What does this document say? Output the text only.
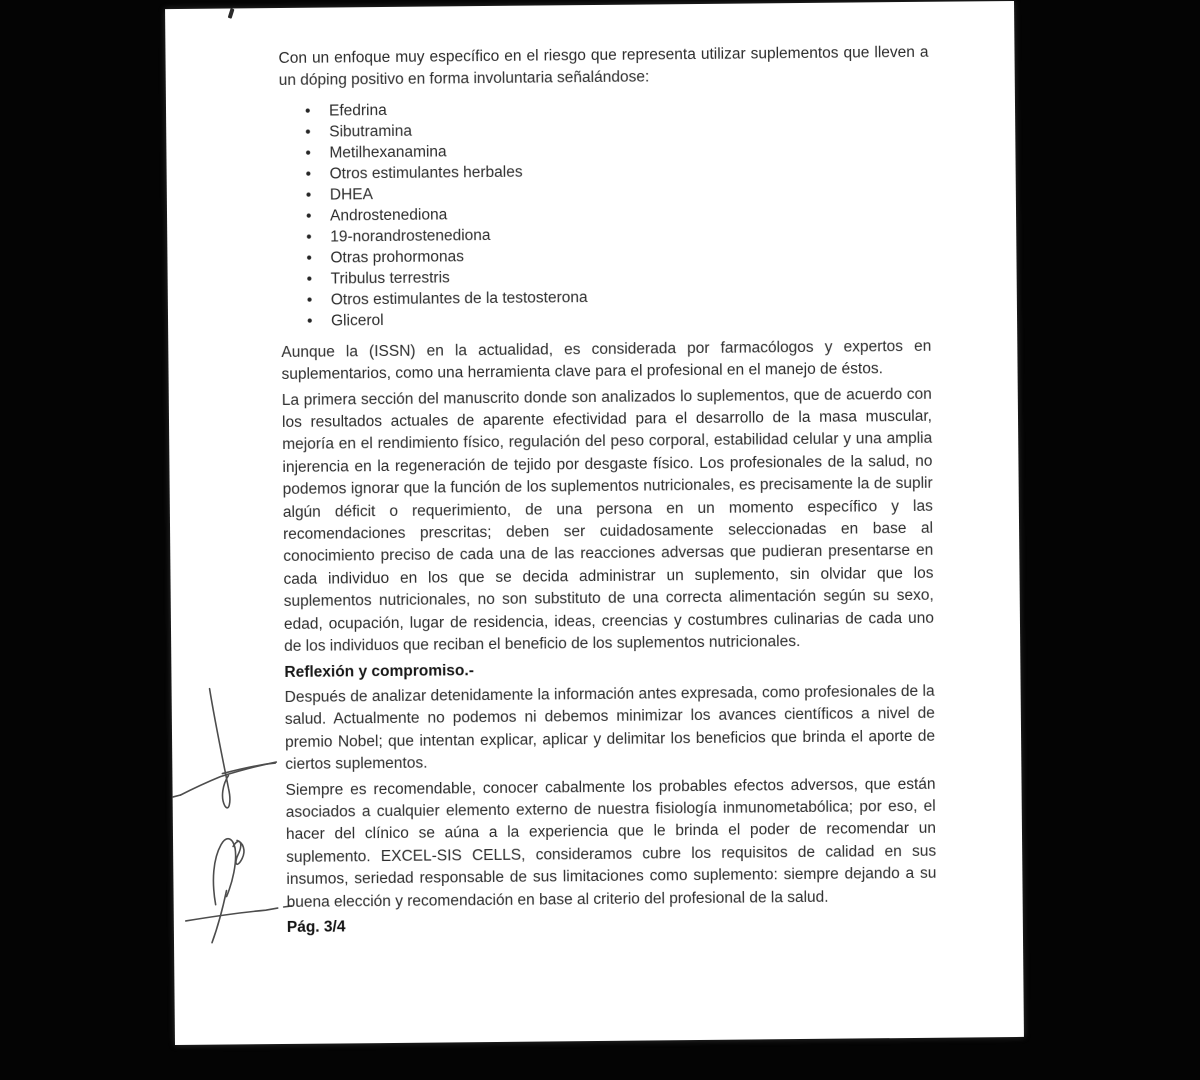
Con un enfoque muy específico en el riesgo que representa utilizar suplementos que lleven a un dóping positivo en forma involuntaria señalándose:

• Efedrina
• Sibutramina
• Metilhexanamina
• Otros estimulantes herbales
• DHEA
• Androstenediona
• 19-norandrostenediona
• Otras prohormonas
• Tribulus terrestris
• Otros estimulantes de la testosterona
• Glicerol

Aunque la (ISSN) en la actualidad, es considerada por farmacólogos y expertos en suplementarios, como una herramienta clave para el profesional en el manejo de éstos.

La primera sección del manuscrito donde son analizados lo suplementos, que de acuerdo con los resultados actuales de aparente efectividad para el desarrollo de la masa muscular, mejoría en el rendimiento físico, regulación del peso corporal, estabilidad celular y una amplia injerencia en la regeneración de tejido por desgaste físico. Los profesionales de la salud, no podemos ignorar que la función de los suplementos nutricionales, es precisamente la de suplir algún déficit o requerimiento, de una persona en un momento específico y las recomendaciones prescritas; deben ser cuidadosamente seleccionadas en base al conocimiento preciso de cada una de las reacciones adversas que pudieran presentarse en cada individuo en los que se decida administrar un suplemento, sin olvidar que los suplementos nutricionales, no son substituto de una correcta alimentación según su sexo, edad, ocupación, lugar de residencia, ideas, creencias y costumbres culinarias de cada uno de los individuos que reciban el beneficio de los suplementos nutricionales.

Reflexión y compromiso.-

Después de analizar detenidamente la información antes expresada, como profesionales de la salud. Actualmente no podemos ni debemos minimizar los avances científicos a nivel de premio Nobel; que intentan explicar, aplicar y delimitar los beneficios que brinda el aporte de ciertos suplementos.

Siempre es recomendable, conocer cabalmente los probables efectos adversos, que están asociados a cualquier elemento externo de nuestra fisiología inmunometabólica; por eso, el hacer del clínico se aúna a la experiencia que le brinda el poder de recomendar un suplemento. EXCEL-SIS CELLS, consideramos cubre los requisitos de calidad en sus insumos, seriedad responsable de sus limitaciones como suplemento: siempre dejando a su buena elección y recomendación en base al criterio del profesional de la salud.

Pág. 3/4
